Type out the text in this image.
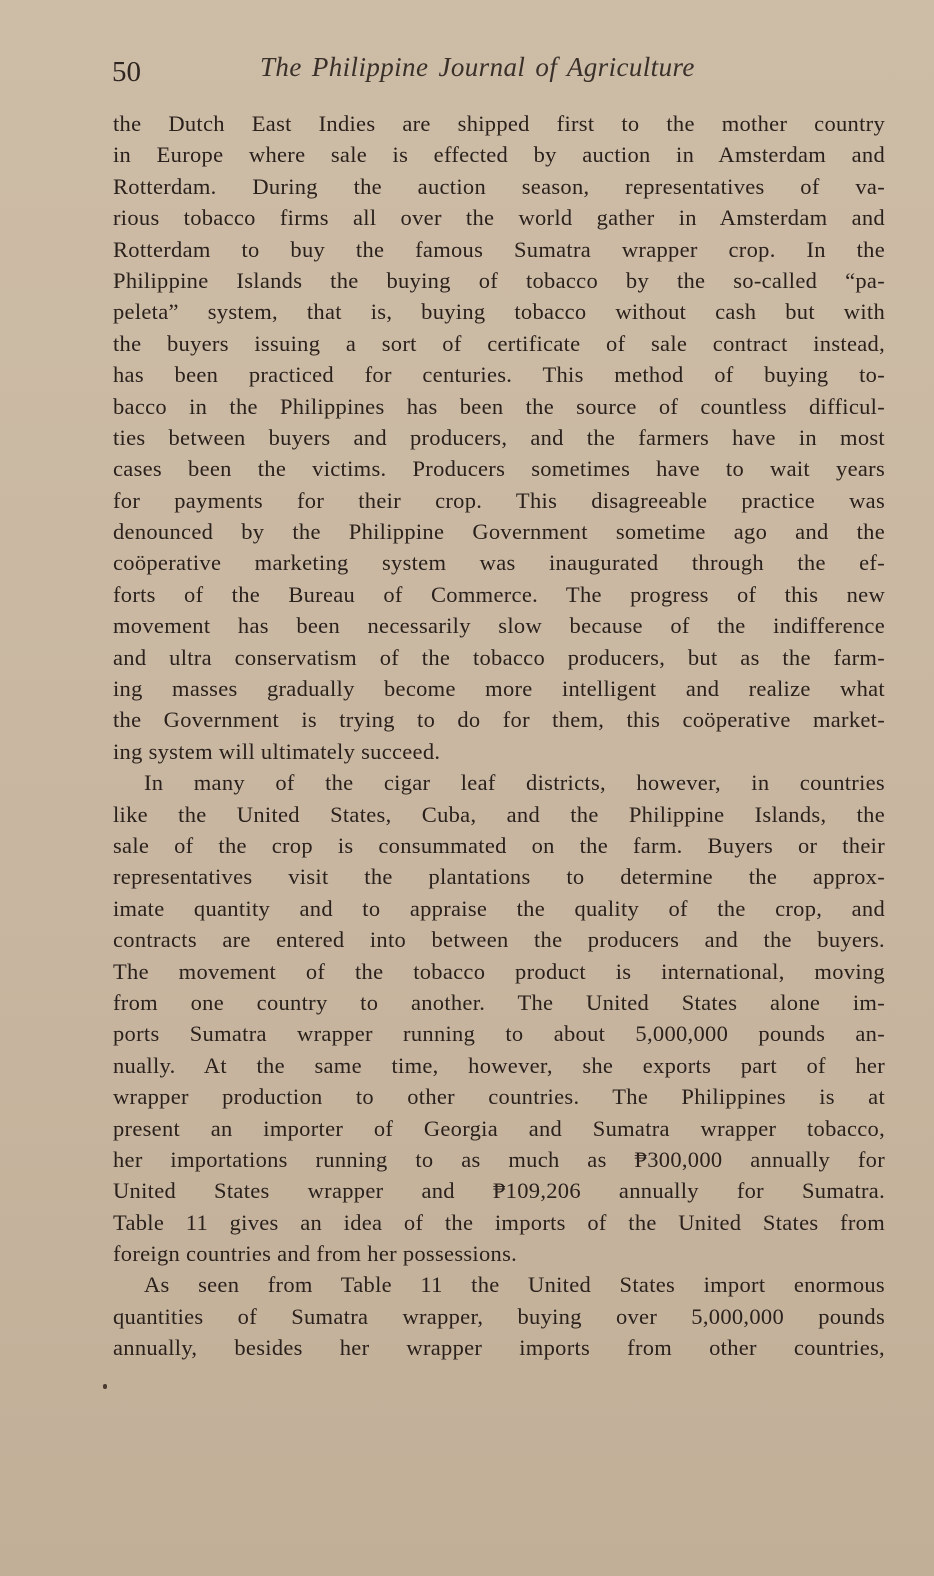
50	The Philippine Journal of Agriculture
the Dutch East Indies are shipped first to the mother country
in Europe where sale is effected by auction in Amsterdam and
Rotterdam. During the auction season, representatives of va-
rious tobacco firms all over the world gather in Amsterdam and
Rotterdam to buy the famous Sumatra wrapper crop. In the
Philippine Islands the buying of tobacco by the so-called “pa-
peleta” system, that is, buying tobacco without cash but with
the buyers issuing a sort of certificate of sale contract instead,
has been practiced for centuries. This method of buying to-
bacco in the Philippines has been the source of countless difficul-
ties between buyers and producers, and the farmers have in most
cases been the victims. Producers sometimes have to wait years
for payments for their crop. This disagreeable practice was
denounced by the Philippine Government sometime ago and the
coöperative marketing system was inaugurated through the ef-
forts of the Bureau of Commerce. The progress of this new
movement has been necessarily slow because of the indifference
and ultra conservatism of the tobacco producers, but as the farm-
ing masses gradually become more intelligent and realize what
the Government is trying to do for them, this coöperative market-
ing system will ultimately succeed.
In many of the cigar leaf districts, however, in countries
like the United States, Cuba, and the Philippine Islands, the
sale of the crop is consummated on the farm. Buyers or their
representatives visit the plantations to determine the approx-
imate quantity and to appraise the quality of the crop, and
contracts are entered into between the producers and the buyers.
The movement of the tobacco product is international, moving
from one country to another. The United States alone im-
ports Sumatra wrapper running to about 5,000,000 pounds an-
nually. At the same time, however, she exports part of her
wrapper production to other countries. The Philippines is at
present an importer of Georgia and Sumatra wrapper tobacco,
her importations running to as much as ₱300,000 annually for
United States wrapper and ₱109,206 annually for Sumatra.
Table 11 gives an idea of the imports of the United States from
foreign countries and from her possessions.
As seen from Table 11 the United States import enormous
quantities of Sumatra wrapper, buying over 5,000,000 pounds
annually, besides her wrapper imports from other countries,
